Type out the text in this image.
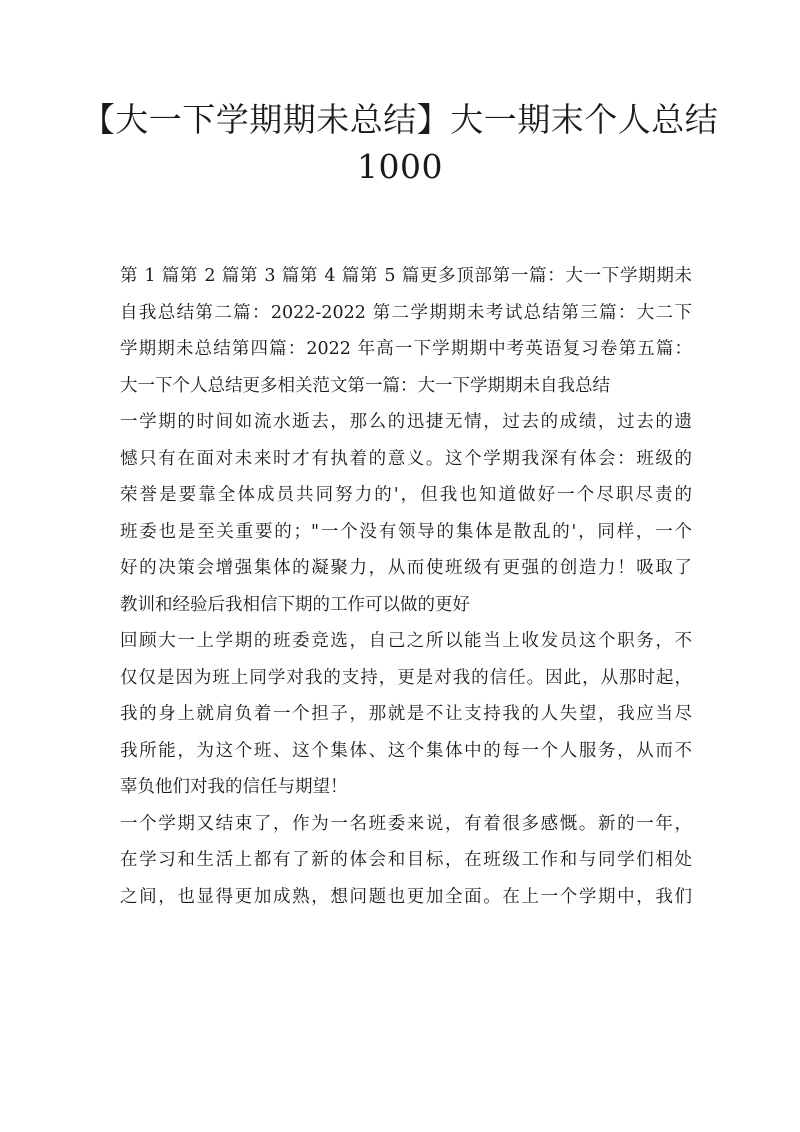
【大一下学期期未总结】大一期末个人总结
1000
第 1 篇第 2 篇第 3 篇第 4 篇第 5 篇更多顶部第一篇：大一下学期期未
自我总结第二篇：2022-2022 第二学期期未考试总结第三篇：大二下
学期期未总结第四篇：2022 年高一下学期期中考英语复习卷第五篇：
大一下个人总结更多相关范文第一篇：大一下学期期未自我总结
一学期的时间如流水逝去，那么的迅捷无情，过去的成绩，过去的遗
憾只有在面对未来时才有执着的意义。这个学期我深有体会：班级的
荣誉是要靠全体成员共同努力的'，但我也知道做好一个尽职尽责的
班委也是至关重要的；"一个没有领导的集体是散乱的'，同样，一个
好的决策会增强集体的凝聚力，从而使班级有更强的创造力！吸取了
教训和经验后我相信下期的工作可以做的更好
回顾大一上学期的班委竞选，自己之所以能当上收发员这个职务，不
仅仅是因为班上同学对我的支持，更是对我的信任。因此，从那时起，
我的身上就肩负着一个担子，那就是不让支持我的人失望，我应当尽
我所能，为这个班、这个集体、这个集体中的每一个人服务，从而不
辜负他们对我的信任与期望！
一个学期又结束了，作为一名班委来说，有着很多感慨。新的一年，
在学习和生活上都有了新的体会和目标，在班级工作和与同学们相处
之间，也显得更加成熟，想问题也更加全面。在上一个学期中，我们
